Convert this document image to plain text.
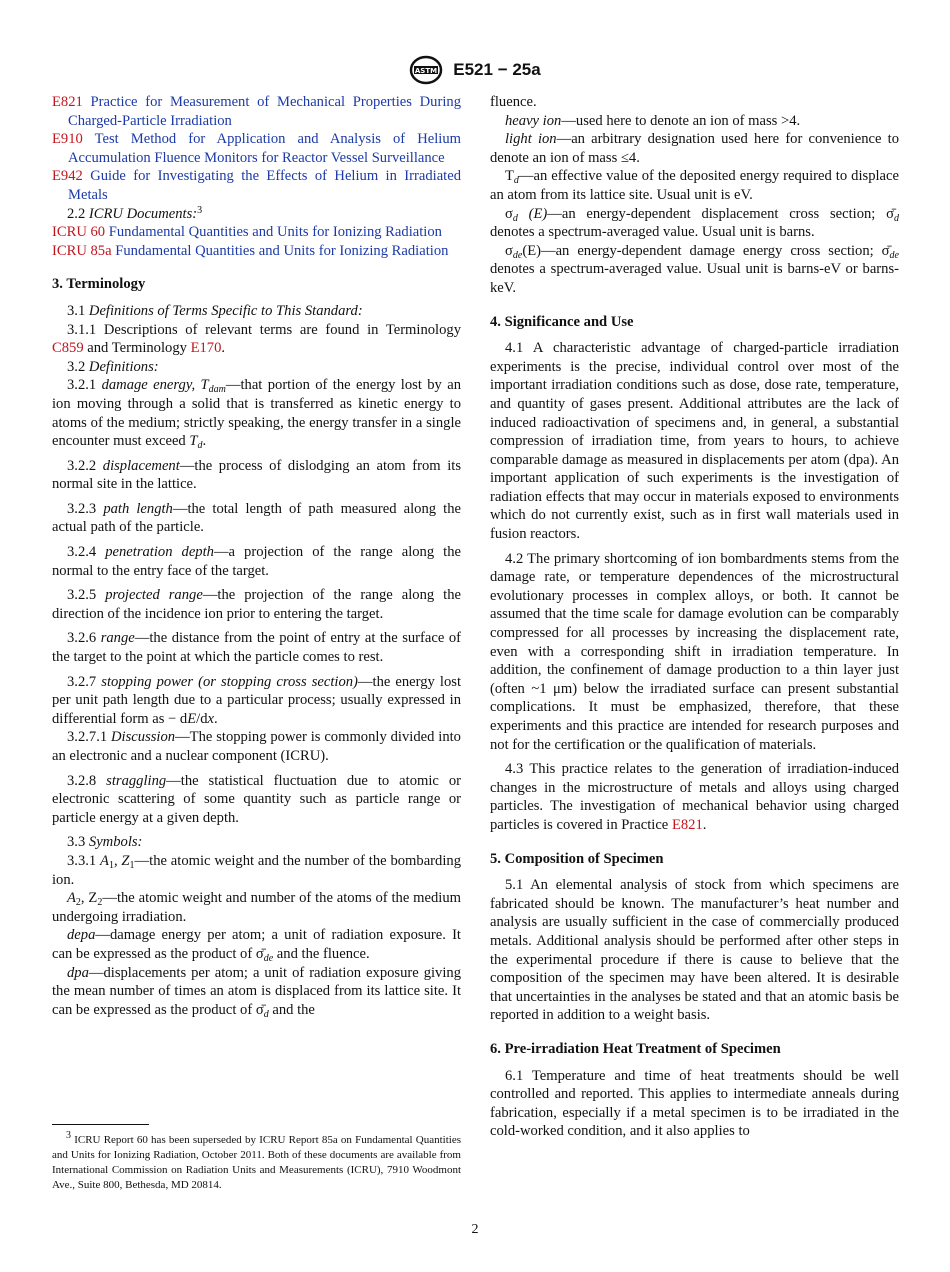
ASTM E521 − 25a

E821 Practice for Measurement of Mechanical Properties During Charged-Particle Irradiation

E910 Test Method for Application and Analysis of Helium Accumulation Fluence Monitors for Reactor Vessel Surveillance

E942 Guide for Investigating the Effects of Helium in Irradiated Metals

2.2 ICRU Documents:$^3$

ICRU 60 Fundamental Quantities and Units for Ionizing Radiation

ICRU 85a Fundamental Quantities and Units for Ionizing Radiation

3. Terminology

3.1 Definitions of Terms Specific to This Standard:

3.1.1 Descriptions of relevant terms are found in Terminology C859 and Terminology E170.

3.2 Definitions:

3.2.1 damage energy, $T_{dam}—that$ portion of the energy lost by an ion moving through a solid that is transferred as kinetic energy to atoms of the medium; strictly speaking, the energy transfer in a single encounter must exceed $T_d$.

3.2.2 displacement—the process of dislodging an atom from its normal site in the lattice.

3.2.3 path length—the total length of path measured along the actual path of the particle.

3.2.4 penetration depth—a projection of the range along the normal to the entry face of the target.

3.2.5 projected range—the projection of the range along the direction of the incidence ion prior to entering the target.

3.2.6 range—the distance from the point of entry at the surface of the target to the point at which the particle comes to rest.

3.2.7 stopping power (or stopping cross section)—the energy lost per unit path length due to a particular process; usually expressed in differential form as − dE/dx.

3.2.7.1 Discussion—The stopping power is commonly divided into an electronic and a nuclear component (ICRU).

3.2.8 straggling—the statistical fluctuation due to atomic or electronic scattering of some quantity such as particle range or particle energy at a given depth.

3.3 Symbols:

3.3.1 $A_1$, $Z_1—the$ atomic weight and the number of the bombarding ion.

$A_2$, $Z_2—the$ atomic weight and number of the atoms of the medium undergoing irradiation.

depa—damage energy per atom; a unit of radiation exposure. It can be expressed as the product of $\sigmā_{de}$ and the fluence.

dpa—displacements per atom; a unit of radiation exposure giving the mean number of times an atom is displaced from its lattice site. It can be expressed as the product of $\sigmā_d$ and the

fluence.

heavy ion—used here to denote an ion of mass >4.

light ion—an arbitrary designation used here for convenience to denote an ion of mass ≤4.

$T_d—an$ effective value of the deposited energy required to displace an atom from its lattice site. Usual unit is eV.

$\sigma_d$ (E)—an energy-dependent displacement cross section; $\sigmā_d$ denotes a spectrum-averaged value. Usual unit is barns.

$\sigma_{de}(E)—an$ energy-dependent damage energy cross section; $\sigmā_{de}$ denotes a spectrum-averaged value. Usual unit is barns-eV or barns-keV.

4. Significance and Use

4.1 A characteristic advantage of charged-particle irradiation experiments is the precise, individual control over most of the important irradiation conditions such as dose, dose rate, temperature, and quantity of gases present. Additional attributes are the lack of induced radioactivation of specimens and, in general, a substantial compression of irradiation time, from years to hours, to achieve comparable damage as measured in displacements per atom (dpa). An important application of such experiments is the investigation of radiation effects that may occur in materials exposed to environments which do not currently exist, such as in first wall materials used in fusion reactors.

4.2 The primary shortcoming of ion bombardments stems from the damage rate, or temperature dependences of the microstructural evolutionary processes in complex alloys, or both. It cannot be assumed that the time scale for damage evolution can be comparably compressed for all processes by increasing the displacement rate, even with a corresponding shift in irradiation temperature. In addition, the confinement of damage production to a thin layer just (often ~1 μm) below the irradiated surface can present substantial complications. It must be emphasized, therefore, that these experiments and this practice are intended for research purposes and not for the certification or the qualification of materials.

4.3 This practice relates to the generation of irradiation-induced changes in the microstructure of metals and alloys using charged particles. The investigation of mechanical behavior using charged particles is covered in Practice E821.

5. Composition of Specimen

5.1 An elemental analysis of stock from which specimens are fabricated should be known. The manufacturer’s heat number and analysis are usually sufficient in the case of commercially produced metals. Additional analysis should be performed after other steps in the experimental procedure if there is cause to believe that the composition of the specimen may have been altered. It is desirable that uncertainties in the analyses be stated and that an atomic basis be reported in addition to a weight basis.

6. Pre-irradiation Heat Treatment of Specimen

6.1 Temperature and time of heat treatments should be well controlled and reported. This applies to intermediate anneals during fabrication, especially if a metal specimen is to be irradiated in the cold-worked condition, and it also applies to

$^3$ ICRU Report 60 has been superseded by ICRU Report 85a on Fundamental Quantities and Units for Ionizing Radiation, October 2011. Both of these documents are available from International Commission on Radiation Units and Measurements (ICRU), 7910 Woodmont Ave., Suite 800, Bethesda, MD 20814.
2
